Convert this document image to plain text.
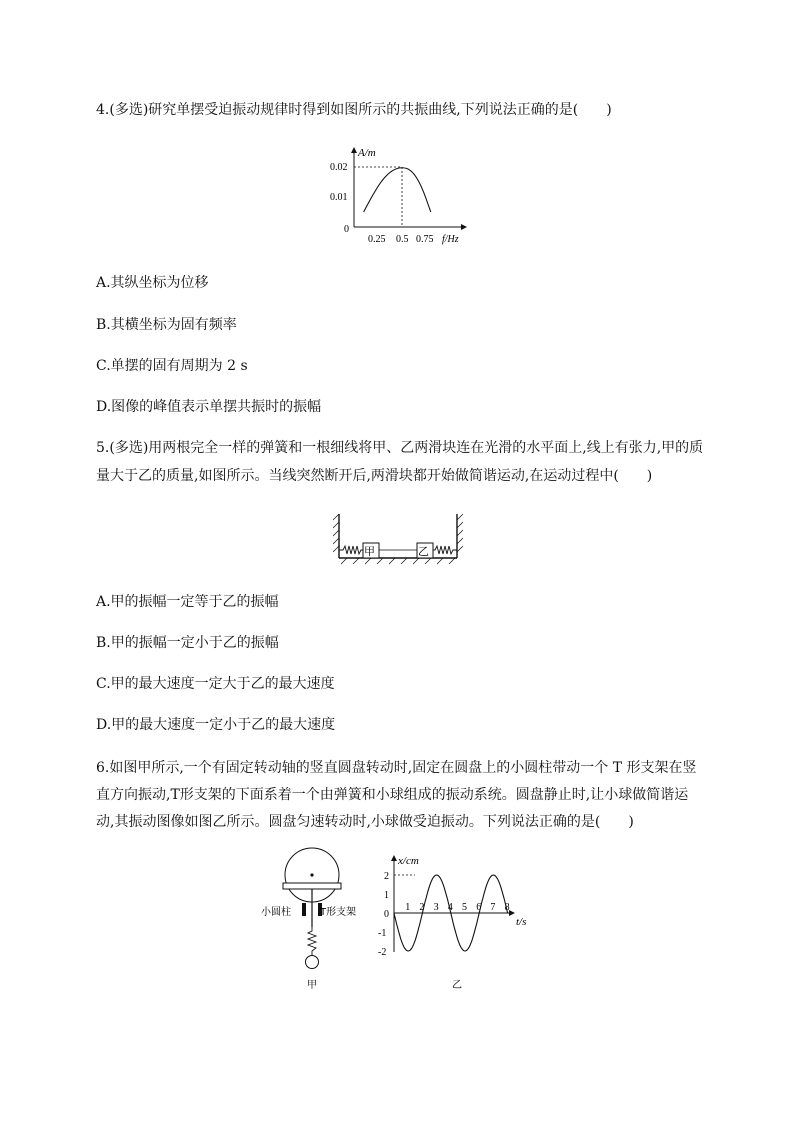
4.(多选)研究单摆受迫振动规律时得到如图所示的共振曲线,下列说法正确的是(　　)
A/m
f/Hz
0.02
0.01
0
0.25 0.5 0.75
A.其纵坐标为位移
B.其横坐标为固有频率
C.单摆的固有周期为 2 s
D.图像的峰值表示单摆共振时的振幅
5.(多选)用两根完全一样的弹簧和一根细线将甲、乙两滑块连在光滑的水平面上,线上有张力,甲的质
量大于乙的质量,如图所示。当线突然断开后,两滑块都开始做简谐运动,在运动过程中(　　)
甲	乙
A.甲的振幅一定等于乙的振幅
B.甲的振幅一定小于乙的振幅
C.甲的最大速度一定大于乙的最大速度
D.甲的最大速度一定小于乙的最大速度
6.如图甲所示,一个有固定转动轴的竖直圆盘转动时,固定在圆盘上的小圆柱带动一个 T 形支架在竖
直方向振动,T形支架的下面系着一个由弹簧和小球组成的振动系统。圆盘静止时,让小球做简谐运
动,其振动图像如图乙所示。圆盘匀速转动时,小球做受迫振动。下列说法正确的是(　　)
小圆柱	T形支架
甲
x/cm
t/s
2
1
0
-1
-2
1 2 3 4 5 6 7 8
乙
